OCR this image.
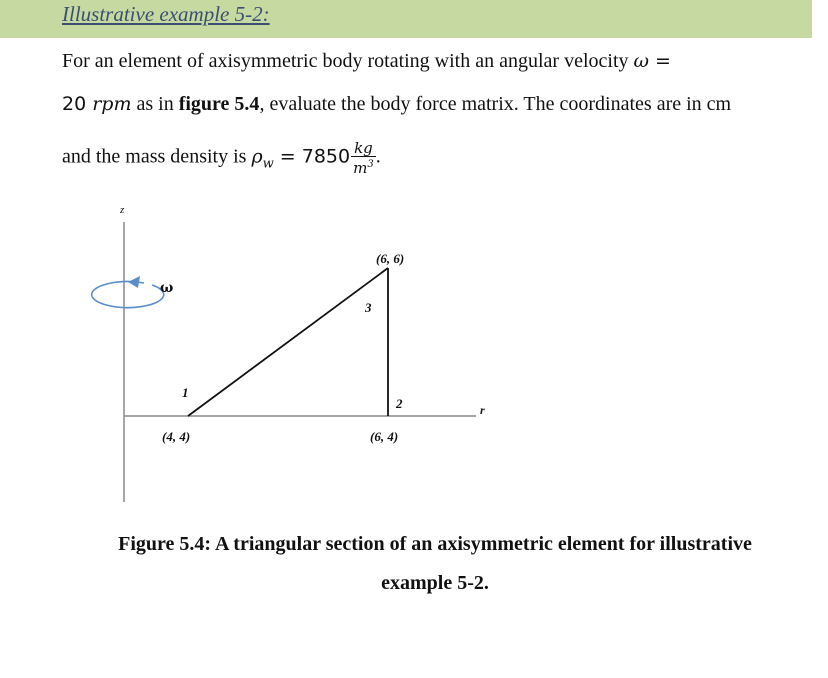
Illustrative example 5-2:
For an element of axisymmetric body rotating with an angular velocity ω =
20 rpm as in figure 5.4, evaluate the body force matrix. The coordinates are in cm
and the mass density is $\rho_w = 7850 \frac{kg}{m^3}$ .
z
r
ω
1
2
3
(4, 4)	(6, 4)
(6, 6)
Figure 5.4: A triangular section of an axisymmetric element for illustrative
example 5-2.
